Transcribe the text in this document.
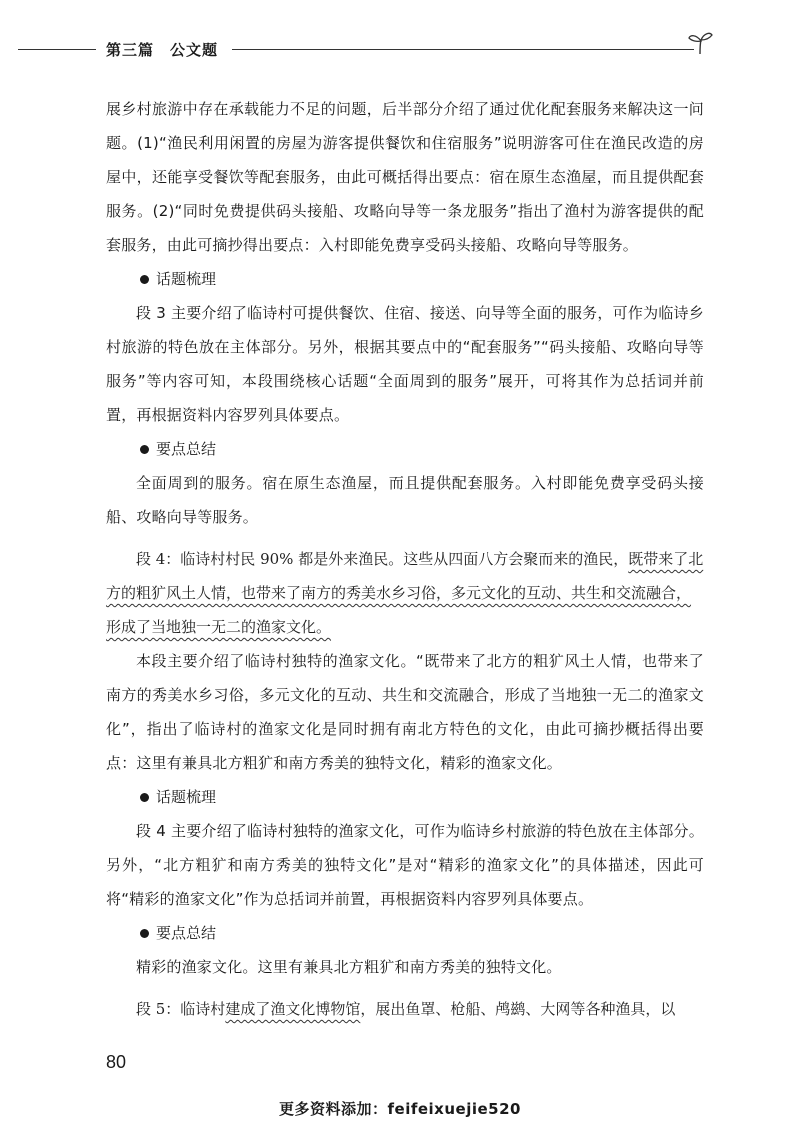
第三篇　公文题

展乡村旅游中存在承载能力不足的问题，后半部分介绍了通过优化配套服务来解决这一问题。(1)“渔民利用闲置的房屋为游客提供餐饮和住宿服务”说明游客可住在渔民改造的房屋中，还能享受餐饮等配套服务，由此可概括得出要点：宿在原生态渔屋，而且提供配套服务。(2)“同时免费提供码头接船、攻略向导等一条龙服务”指出了渔村为游客提供的配套服务，由此可摘抄得出要点：入村即能免费享受码头接船、攻略向导等服务。

话题梳理

段 3 主要介绍了临诗村可提供餐饮、住宿、接送、向导等全面的服务，可作为临诗乡村旅游的特色放在主体部分。另外，根据其要点中的“配套服务”“码头接船、攻略向导等服务”等内容可知，本段围绕核心话题“全面周到的服务”展开，可将其作为总括词并前置，再根据资料内容罗列具体要点。

要点总结

全面周到的服务。宿在原生态渔屋，而且提供配套服务。入村即能免费享受码头接船、攻略向导等服务。

段 4：临诗村村民 90% 都是外来渔民。这些从四面八方会聚而来的渔民，既带来了北方的粗犷风土人情，也带来了南方的秀美水乡习俗，多元文化的互动、共生和交流融合，形成了当地独一无二的渔家文化。

本段主要介绍了临诗村独特的渔家文化。“既带来了北方的粗犷风土人情，也带来了南方的秀美水乡习俗，多元文化的互动、共生和交流融合，形成了当地独一无二的渔家文化”，指出了临诗村的渔家文化是同时拥有南北方特色的文化，由此可摘抄概括得出要点：这里有兼具北方粗犷和南方秀美的独特文化，精彩的渔家文化。

话题梳理

段 4 主要介绍了临诗村独特的渔家文化，可作为临诗乡村旅游的特色放在主体部分。另外，“北方粗犷和南方秀美的独特文化”是对“精彩的渔家文化”的具体描述，因此可将“精彩的渔家文化”作为总括词并前置，再根据资料内容罗列具体要点。

要点总结

精彩的渔家文化。这里有兼具北方粗犷和南方秀美的独特文化。

段 5：临诗村建成了渔文化博物馆，展出鱼罩、枪船、鸬鹚、大网等各种渔具，以

80
更多资料添加：feifeixuejie520
